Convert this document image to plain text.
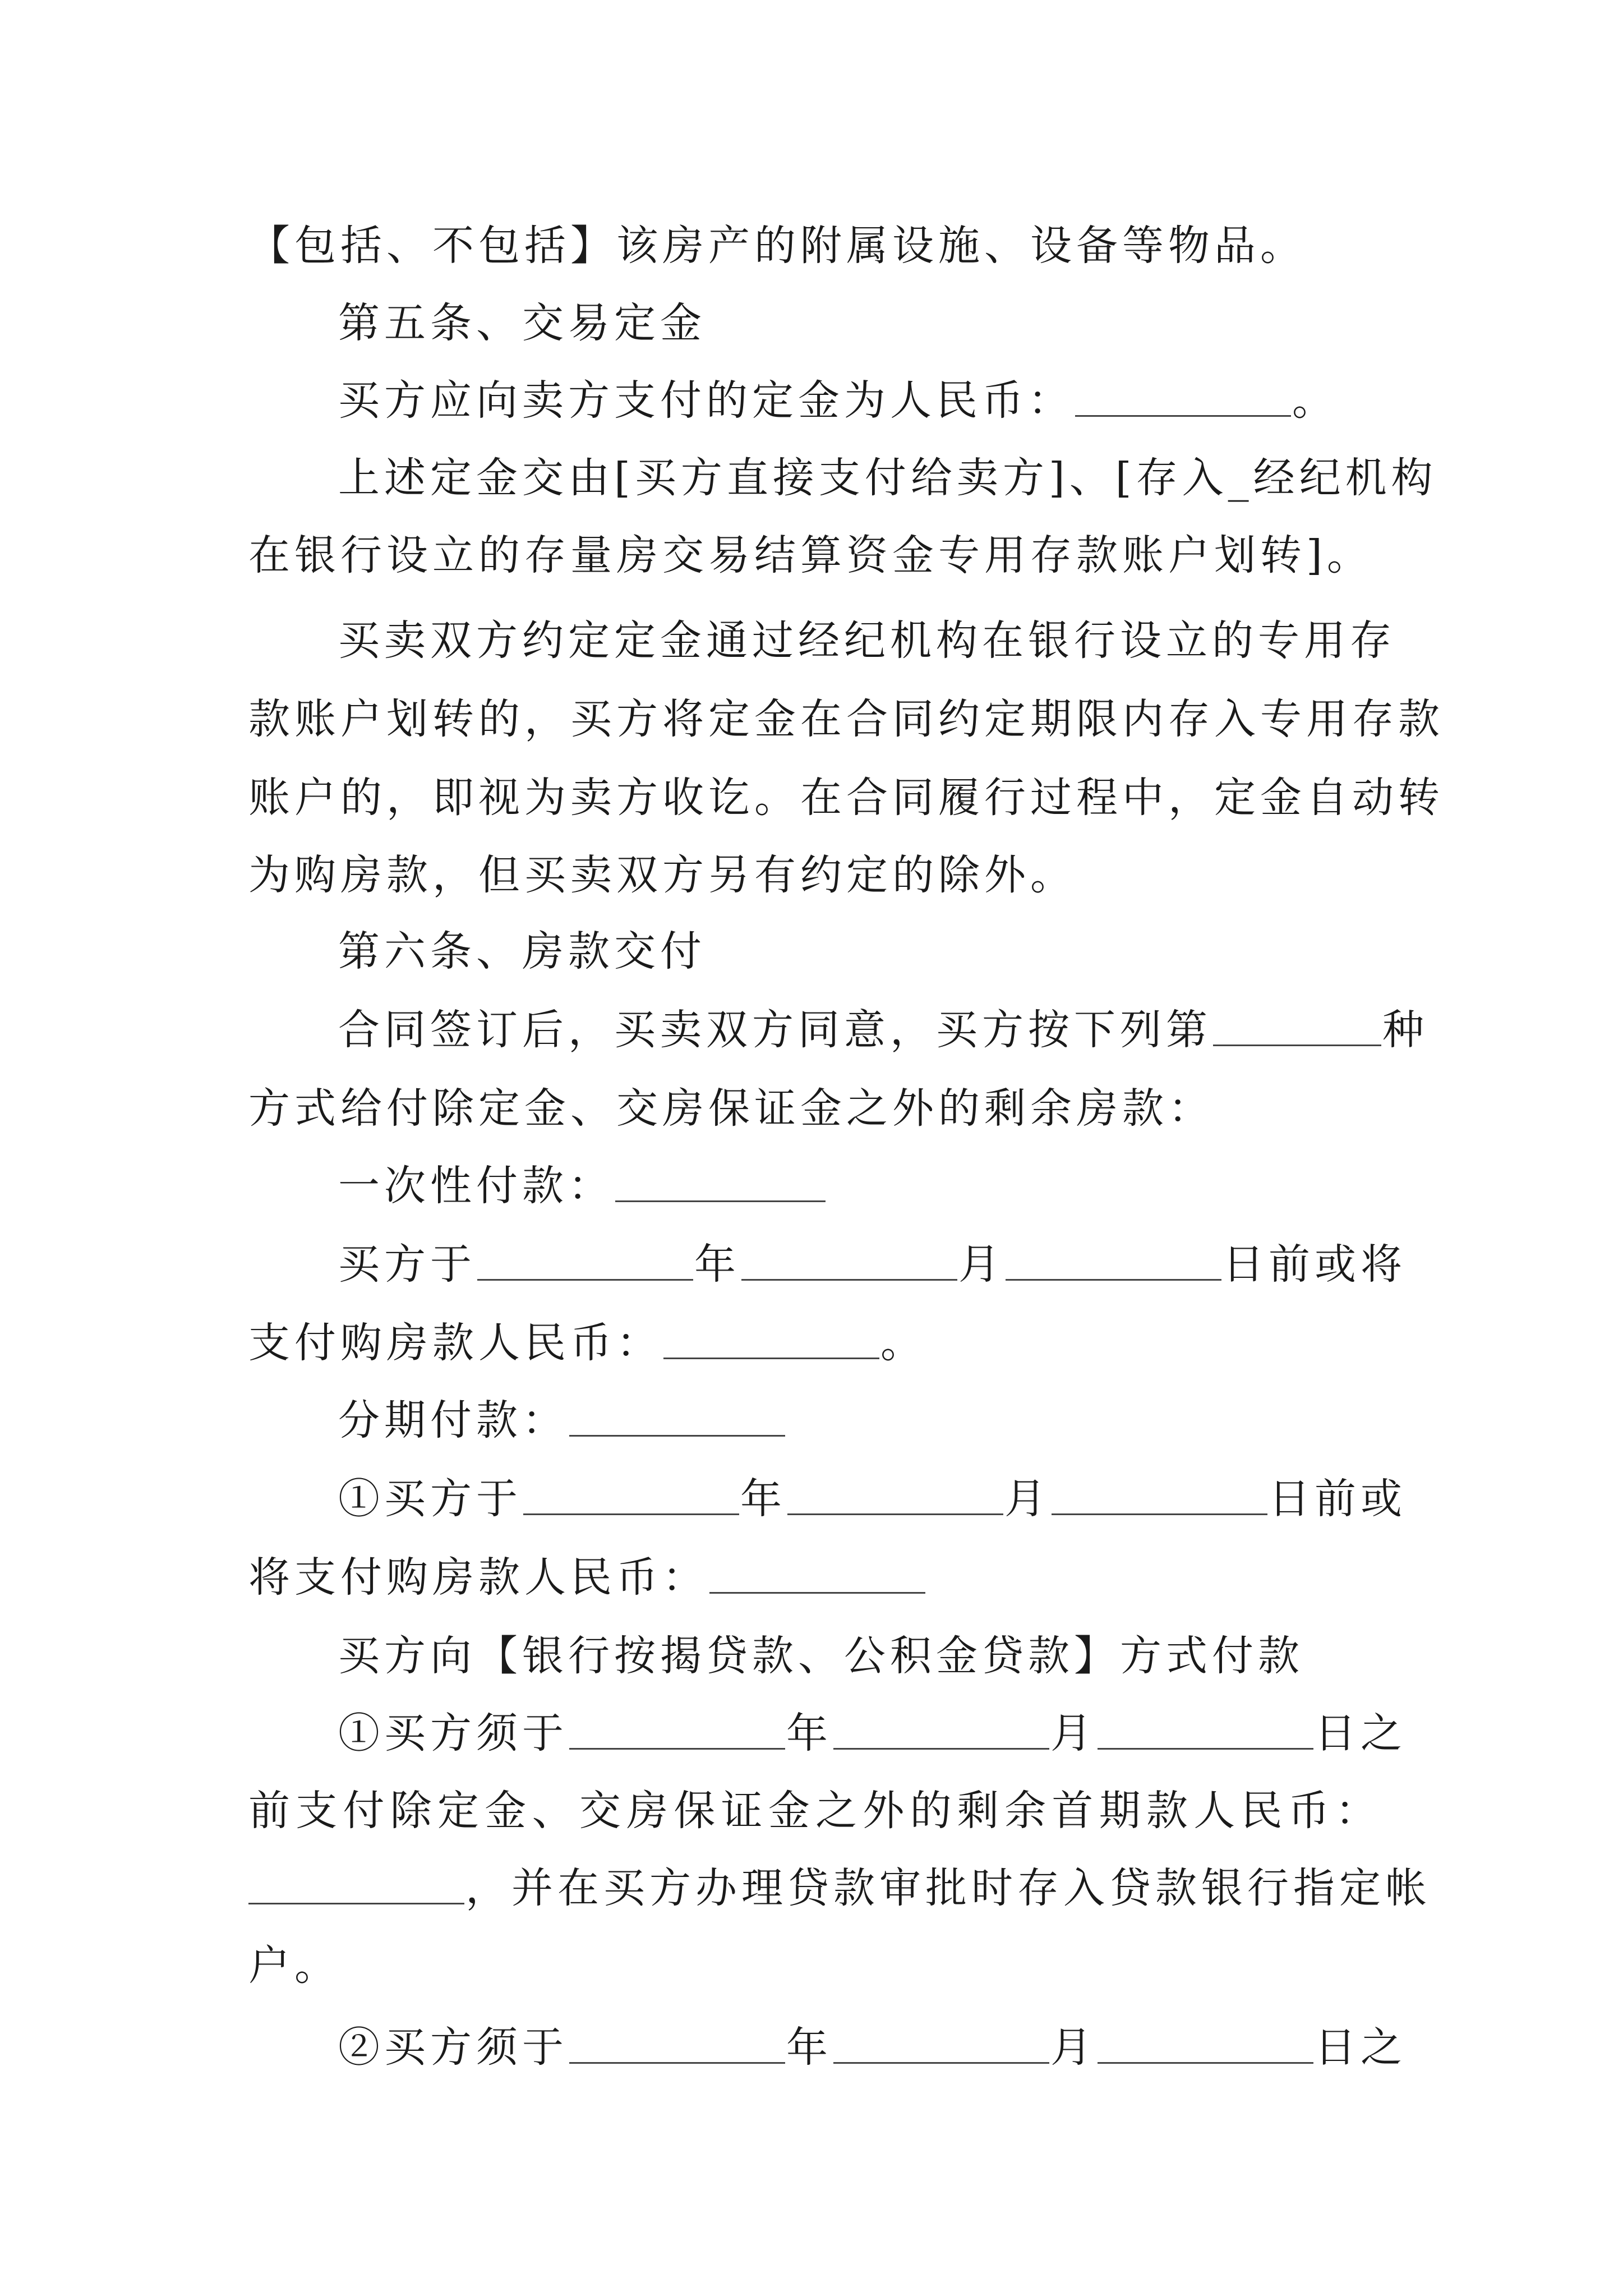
【包括、不包括】该房产的附属设施、设备等物品。
第五条、交易定金
买方应向卖方支付的定金为人民币：	。
上述定金交由[买方直接支付给卖方]、[存入_经纪机构
在银行设立的存量房交易结算资金专用存款账户划转]。
买卖双方约定定金通过经纪机构在银行设立的专用存
款账户划转的，买方将定金在合同约定期限内存入专用存款
账户的，即视为卖方收讫。在合同履行过程中，定金自动转
为购房款，但买卖双方另有约定的除外。
第六条、房款交付
合同签订后，买卖双方同意，买方按下列第	种
方式给付除定金、交房保证金之外的剩余房款：
一次性付款：
买方于	年	月	日前或将
支付购房款人民币：	。
分期付款：
①买方于	年	月	日前或
将支付购房款人民币：
买方向【银行按揭贷款、公积金贷款】方式付款
①买方须于	年	月	日之
前支付除定金、交房保证金之外的剩余首期款人民币：
，并在买方办理贷款审批时存入贷款银行指定帐
户。
②买方须于	年	月	日之
